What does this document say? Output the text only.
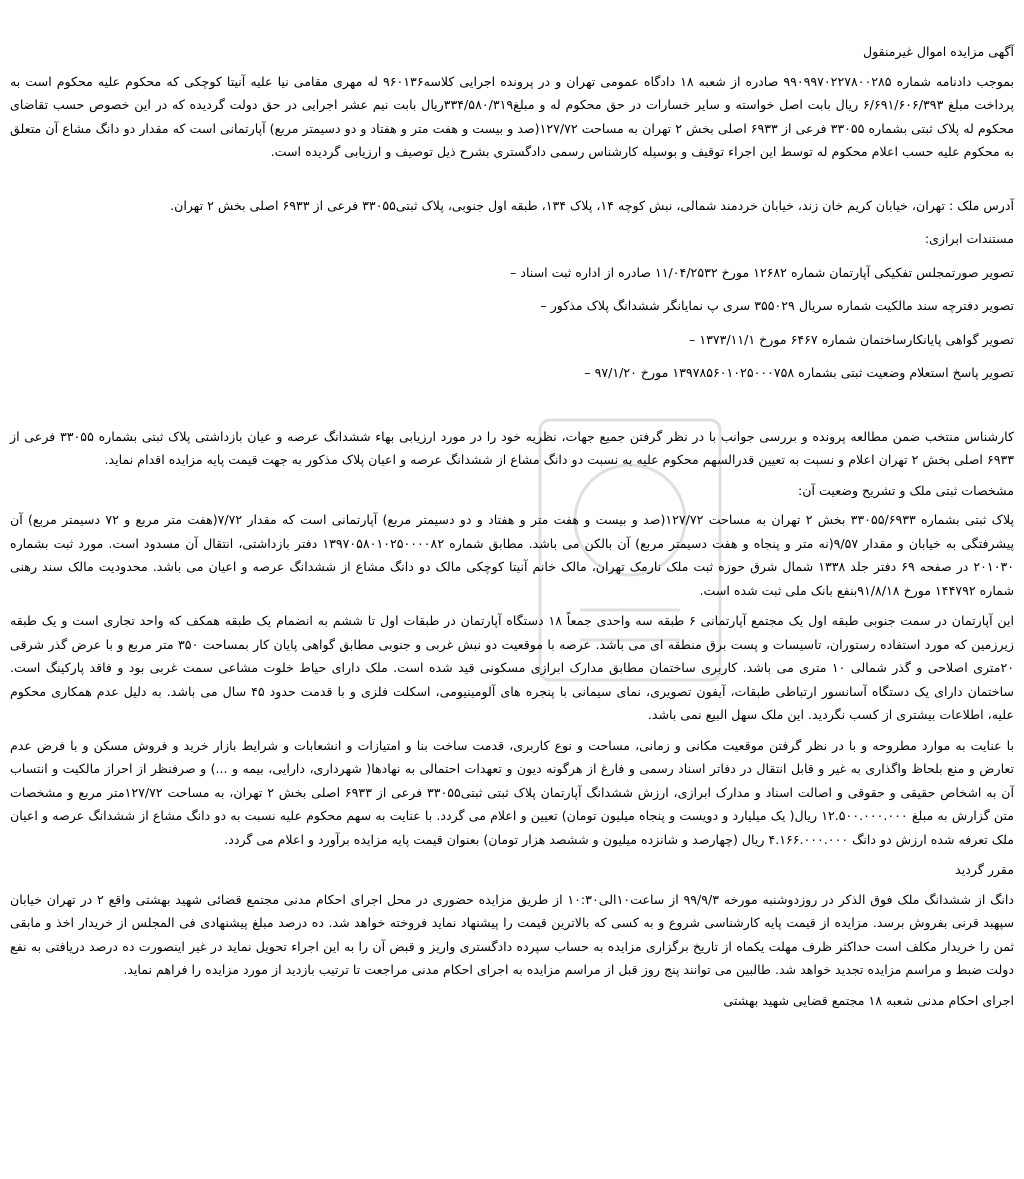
آگهی مزایده اموال غیرمنقول

بموجب دادنامه شماره ۹۹۰۹۹۷۰۲۲۷۸۰۰۲۸۵ صادره از شعبه ۱۸ دادگاه عمومی تهران و در پرونده اجرایی کلاسه۹۶۰۱۳۶ له مهری مقامی نیا علیه آنیتا کوچکی که محکوم علیه محکوم است به پرداخت مبلغ ۶/۶۹۱/۶۰۶/۳۹۳ ریال بابت اصل خواسته و سایر خسارات در حق محکوم له و مبلغ۳۳۴/۵۸۰/۳۱۹ریال بابت نیم عشر اجرایی در حق دولت گردیده که در این خصوص حسب تقاضای محکوم له پلاک ثبتی بشماره ۳۳۰۵۵ فرعی از ۶۹۳۳ اصلی بخش ۲ تهران به مساحت ۱۲۷/۷۲(صد و بیست و هفت متر و هفتاد و دو دسیمتر مربع) آپارتمانی است که مقدار دو دانگ مشاع آن متعلق به محکوم علیه حسب اعلام محکوم له توسط این اجراء توقیف و بوسیله کارشناس رسمی دادگستری بشرح ذیل توصیف و ارزیابی گردیده است.

آدرس ملک : تهران، خیابان کریم خان زند، خیابان خردمند شمالی، نبش کوچه ۱۴، پلاک ۱۳۴، طبقه اول جنوبی، پلاک ثبتی۳۳۰۵۵ فرعی از ۶۹۳۳ اصلی بخش ۲ تهران.
مستندات ابرازی:
تصویر صورتمجلس تفکیکی آپارتمان شماره ۱۲۶۸۲ مورخ ۱۱/۰۴/۲۵۳۲ صادره از اداره ثبت اسناد –
تصویر دفترچه سند مالکیت شماره سریال ۳۵۵۰۲۹ سری پ نمایانگر ششدانگ پلاک مذکور –
تصویر گواهی پایانکارساختمان شماره ۶۴۶۷ مورخ ۱۳۷۳/۱۱/۱ –
تصویر پاسخ استعلام وضعیت ثبتی بشماره ۱۳۹۷۸۵۶۰۱۰۲۵۰۰۰۷۵۸ مورخ ۹۷/۱/۲۰ –

کارشناس منتخب ضمن مطالعه پرونده و بررسی جوانب با در نظر گرفتن جمیع جهات، نظریه خود را در مورد ارزیابی بهاء ششدانگ عرصه و عیان بازداشتی پلاک ثبتی بشماره ۳۳۰۵۵ فرعی از ۶۹۳۳ اصلی بخش ۲ تهران اعلام و نسبت به تعیین قدرالسهم محکوم علیه به نسبت دو دانگ مشاع از ششدانگ عرصه و اعیان پلاک مذکور به جهت قیمت پایه مزایده اقدام نماید.

مشخصات ثبتی ملک و تشریح وضعیت آن:

پلاک ثبتی بشماره ۳۳۰۵۵/۶۹۳۳ بخش ۲ تهران به مساحت ۱۲۷/۷۲(صد و بیست و هفت متر و هفتاد و دو دسیمتر مربع) آپارتمانی است که مقدار ۷/۷۲(هفت متر مربع و ۷۲ دسیمتر مربع) آن پیشرفتگی به خیابان و مقدار ۹/۵۷(نه متر و پنجاه و هفت دسیمتر مربع) آن بالکن می باشد. مطابق شماره ۱۳۹۷۰۵۸۰۱۰۲۵۰۰۰۰۸۲ دفتر بازداشتی، انتقال آن مسدود است. مورد ثبت بشماره ۲۰۱۰۳۰ در صفحه ۶۹ دفتر جلد ۱۳۳۸ شمال شرق حوزه ثبت ملک نارمک تهران، مالک خانم آنیتا کوچکی مالک دو دانگ مشاع از ششدانگ عرصه و اعیان می باشد. محدودیت مالک سند رهنی شماره ۱۴۴۷۹۲ مورخ ۹۱/۸/۱۸بنفع بانک ملی ثبت شده است.

این آپارتمان در سمت جنوبی طبقه اول یک مجتمع آپارتمانی ۶ طبقه سه واحدی جمعاً ۱۸ دستگاه آپارتمان در طبقات اول تا ششم به انضمام یک طبقه همکف که واحد تجاری است و یک طبقه زیرزمین که مورد استفاده رستوران، تاسیسات و پست برق منطقه ای می باشد. عرصه با موقعیت دو نبش غربی و جنوبی مطابق گواهی پایان کار بمساحت ۳۵۰ متر مربع و با عرض گذر شرقی ۲۰متری اصلاحی و گذر شمالی ۱۰ متری می باشد. کاربری ساختمان مطابق مدارک ابرازی مسکونی قید شده است. ملک دارای حیاط خلوت مشاعی سمت غربی بود و فاقد پارکینگ است. ساختمان دارای یک دستگاه آسانسور ارتباطی طبقات، آیفون تصویری، نمای سیمانی با پنجره های آلومینیومی، اسکلت فلزی و با قدمت حدود ۴۵ سال می باشد. به دلیل عدم همکاری محکوم علیه، اطلاعات بیشتری از کسب نگردید. این ملک سهل البیع نمی باشد.

با عنایت به موارد مطروحه و با در نظر گرفتن موقعیت مکانی و زمانی، مساحت و نوع کاربری، قدمت ساخت بنا و امتیازات و انشعابات و شرایط بازار خرید و فروش مسکن و با فرض عدم تعارض و منع بلحاظ واگذاری به غیر و قابل انتقال در دفاتر اسناد رسمی و فارغ از هرگونه دیون و تعهدات احتمالی به نهادها( شهرداری، دارایی، بیمه و ...) و صرفنظر از احراز مالکیت و انتساب آن به اشخاص حقیقی و حقوقی و اصالت اسناد و مدارک ابرازی، ارزش ششدانگ آپارتمان پلاک ثبتی ثبتی۳۳۰۵۵ فرعی از ۶۹۳۳ اصلی بخش ۲ تهران، به مساحت ۱۲۷/۷۲متر مربع و مشخصات متن گزارش به مبلغ ۱۲.۵۰۰.۰۰۰.۰۰۰ ریال( یک میلیارد و دویست و پنجاه میلیون تومان) تعیین و اعلام می گردد. با عنایت به سهم محکوم علیه نسبت به دو دانگ مشاع از ششدانگ عرصه و اعیان ملک تعرفه شده ارزش دو دانگ ۴.۱۶۶.۰۰۰.۰۰۰ ریال (چهارصد و شانزده میلیون و ششصد هزار تومان) بعنوان قیمت پایه مزایده برآورد و اعلام می گردد.

مقرر گردید

دانگ از ششدانگ ملک فوق الذکر در روزدوشنبه مورخه ۹۹/۹/۳ از ساعت۱۰الی۱۰:۳۰ از طریق مزایده حضوری در محل اجرای احکام مدنی مجتمع قضائی شهید بهشتی واقع ۲ در تهران خیابان سپهبد قرنی بفروش برسد. مزایده از قیمت پایه کارشناسی شروع و به کسی که بالاترین قیمت را پیشنهاد نماید فروخته خواهد شد. ده درصد مبلغ پیشنهادی فی المجلس از خریدار اخذ و مابقی ثمن را خریدار مکلف است حداکثر ظرف مهلت یکماه از تاریخ برگزاری مزایده به حساب سپرده دادگستری واریز و قبض آن را به این اجراء تحویل نماید در غیر اینصورت ده درصد دریافتی به نفع دولت ضبط و مراسم مزایده تجدید خواهد شد. طالبین می توانند پنج روز قبل از مراسم مزایده به اجرای احکام مدنی مراجعت تا ترتیب بازدید از مورد مزایده را فراهم نماید.

اجرای احکام مدنی شعبه ۱۸ مجتمع قضایی شهید بهشتی
